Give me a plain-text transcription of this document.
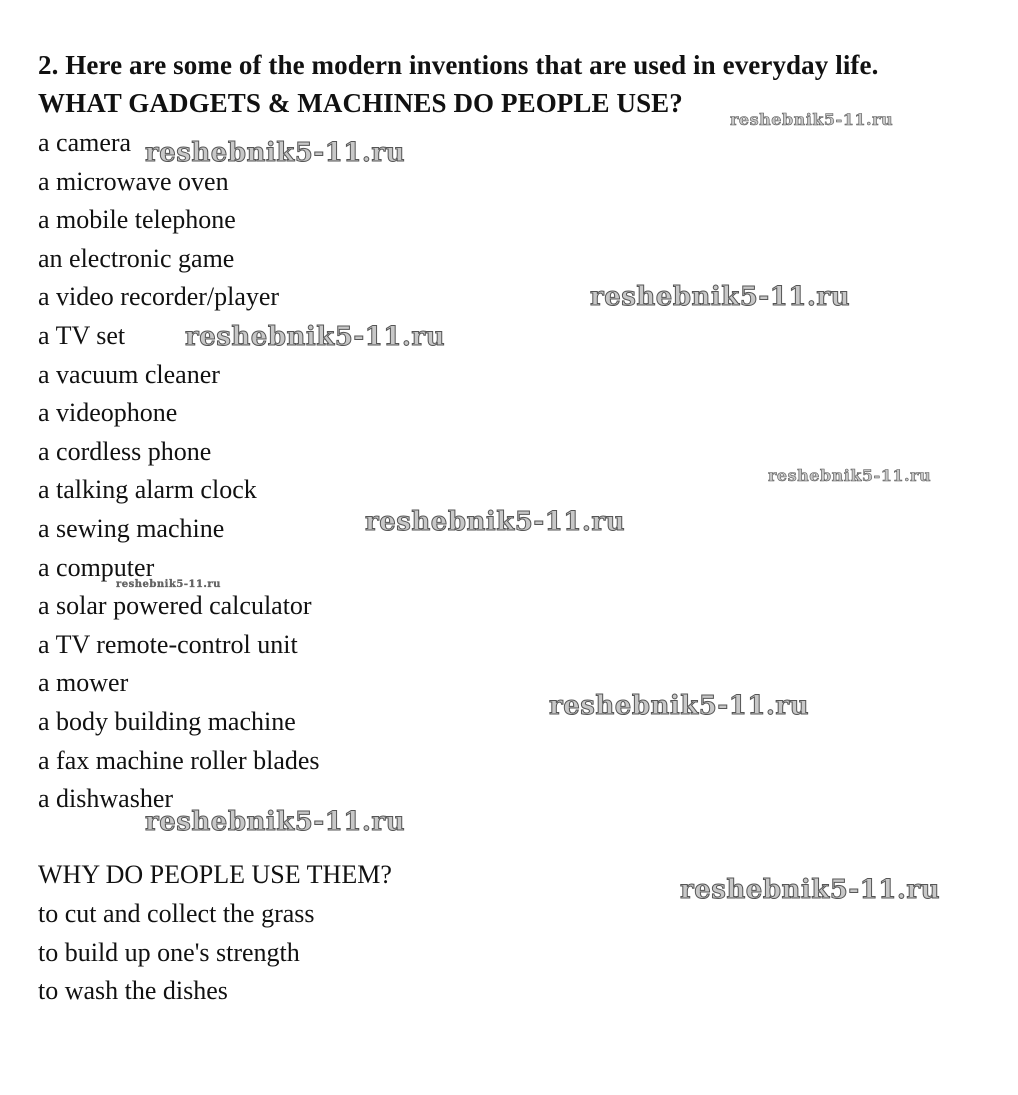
2. Here are some of the modern inventions that are used in everyday life.

WHAT GADGETS & MACHINES DO PEOPLE USE?

a camera
a microwave oven
a mobile telephone
an electronic game
a video recorder/player
a TV set
a vacuum cleaner
a videophone
a cordless phone
a talking alarm clock
a sewing machine
a computer
a solar powered calculator
a TV remote-control unit
a mower
a body building machine
a fax machine roller blades
a dishwasher

WHY DO PEOPLE USE THEM?

to cut and collect the grass
to build up one's strength
to wash the dishes
reshebnik5-11.ru
reshebnik5-11.ru
reshebnik5-11.ru
reshebnik5-11.ru
reshebnik5-11.ru
reshebnik5-11.ru
reshebnik5-11.ru
reshebnik5-11.ru
reshebnik5-11.ru
reshebnik5-11.ru
